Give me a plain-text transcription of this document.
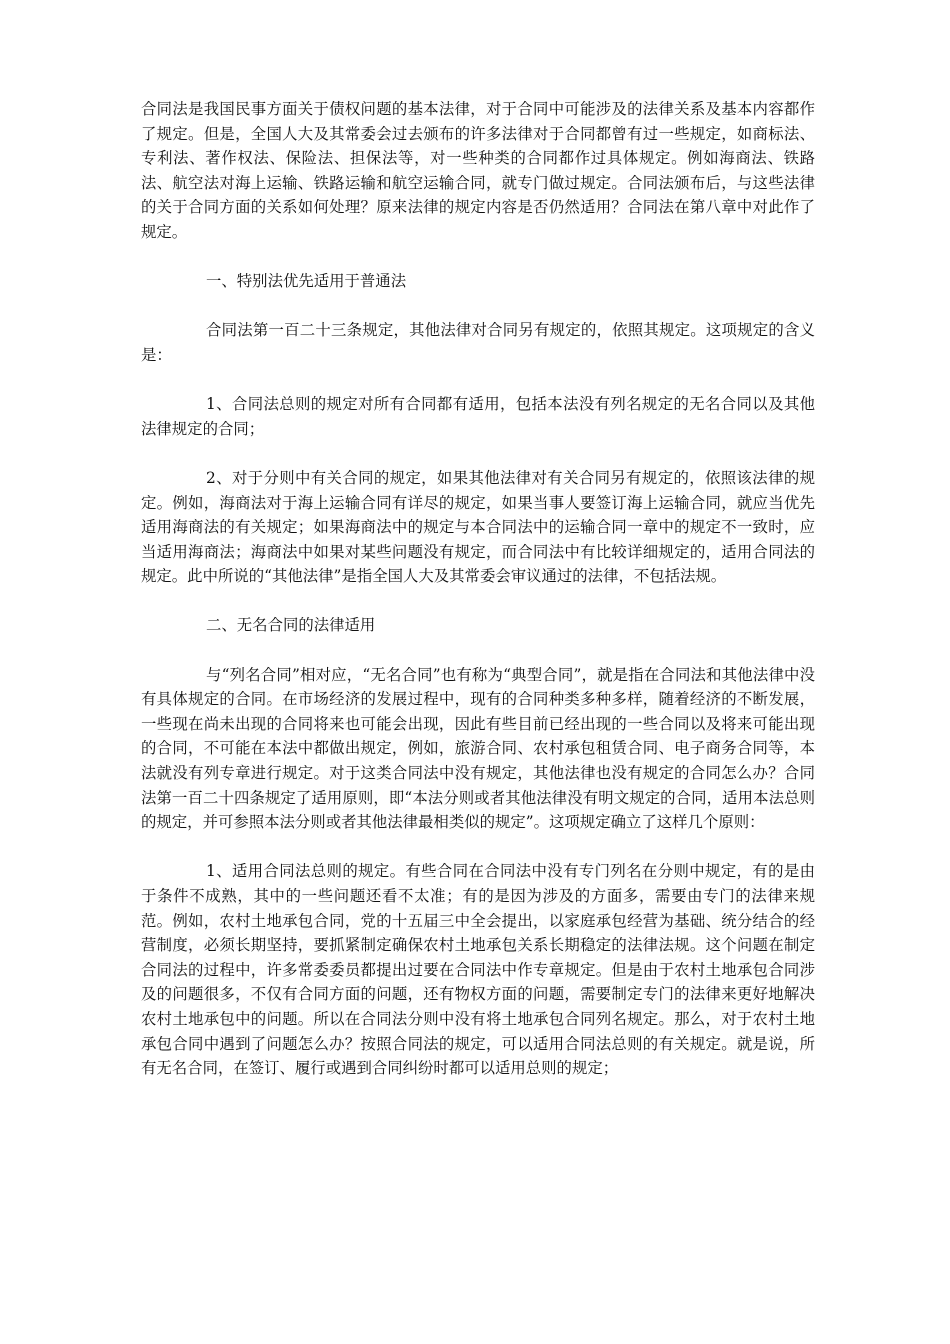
合同法是我国民事方面关于债权问题的基本法律，对于合同中可能涉及的法律关系及基本内容都作了规定。但是，全国人大及其常委会过去颁布的许多法律对于合同都曾有过一些规定，如商标法、专利法、著作权法、保险法、担保法等，对一些种类的合同都作过具体规定。例如海商法、铁路法、航空法对海上运输、铁路运输和航空运输合同，就专门做过规定。合同法颁布后，与这些法律的关于合同方面的关系如何处理？原来法律的规定内容是否仍然适用？合同法在第八章中对此作了规定。

一、特别法优先适用于普通法

合同法第一百二十三条规定，其他法律对合同另有规定的，依照其规定。这项规定的含义是：

1、合同法总则的规定对所有合同都有适用，包括本法没有列名规定的无名合同以及其他法律规定的合同；

2、对于分则中有关合同的规定，如果其他法律对有关合同另有规定的，依照该法律的规定。例如，海商法对于海上运输合同有详尽的规定，如果当事人要签订海上运输合同，就应当优先适用海商法的有关规定；如果海商法中的规定与本合同法中的运输合同一章中的规定不一致时，应当适用海商法；海商法中如果对某些问题没有规定，而合同法中有比较详细规定的，适用合同法的规定。此中所说的“其他法律”是指全国人大及其常委会审议通过的法律，不包括法规。

二、无名合同的法律适用

与“列名合同”相对应，“无名合同”也有称为“典型合同”，就是指在合同法和其他法律中没有具体规定的合同。在市场经济的发展过程中，现有的合同种类多种多样，随着经济的不断发展，一些现在尚未出现的合同将来也可能会出现，因此有些目前已经出现的一些合同以及将来可能出现的合同，不可能在本法中都做出规定，例如，旅游合同、农村承包租赁合同、电子商务合同等，本法就没有列专章进行规定。对于这类合同法中没有规定，其他法律也没有规定的合同怎么办？合同法第一百二十四条规定了适用原则，即“本法分则或者其他法律没有明文规定的合同，适用本法总则的规定，并可参照本法分则或者其他法律最相类似的规定”。这项规定确立了这样几个原则：

1、适用合同法总则的规定。有些合同在合同法中没有专门列名在分则中规定，有的是由于条件不成熟，其中的一些问题还看不太准；有的是因为涉及的方面多，需要由专门的法律来规范。例如，农村土地承包合同，党的十五届三中全会提出，以家庭承包经营为基础、统分结合的经营制度，必须长期坚持，要抓紧制定确保农村土地承包关系长期稳定的法律法规。这个问题在制定合同法的过程中，许多常委委员都提出过要在合同法中作专章规定。但是由于农村土地承包合同涉及的问题很多，不仅有合同方面的问题，还有物权方面的问题，需要制定专门的法律来更好地解决农村土地承包中的问题。所以在合同法分则中没有将土地承包合同列名规定。那么，对于农村土地承包合同中遇到了问题怎么办？按照合同法的规定，可以适用合同法总则的有关规定。就是说，所有无名合同，在签订、履行或遇到合同纠纷时都可以适用总则的规定；
